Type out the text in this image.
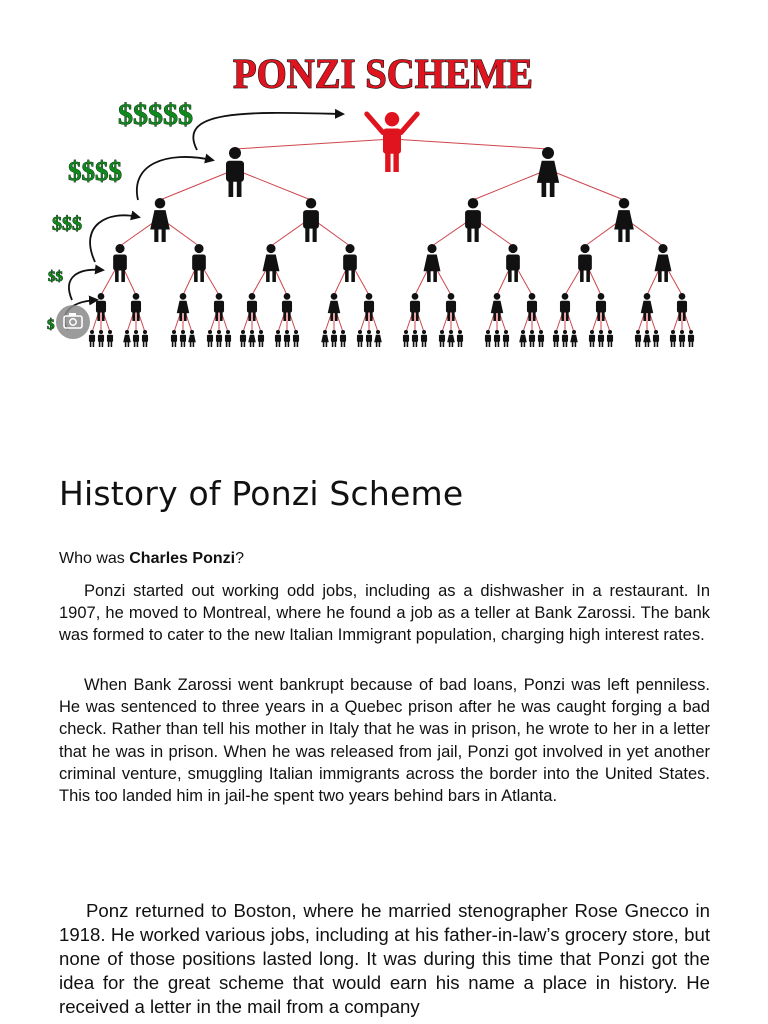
PONZI SCHEME
$$$$$
$$$$
$$$
$$
$
History of Ponzi Scheme

Who was Charles Ponzi?

Ponzi started out working odd jobs, including as a dishwasher in a restaurant. In 1907, he moved to Montreal, where he found a job as a teller at Bank Zarossi. The bank was formed to cater to the new Italian Immigrant population, charging high interest rates.

When Bank Zarossi went bankrupt because of bad loans, Ponzi was left penniless. He was sentenced to three years in a Quebec prison after he was caught forging a bad check. Rather than tell his mother in Italy that he was in prison, he wrote to her in a letter that he was in prison. When he was released from jail, Ponzi got involved in yet another criminal venture, smuggling Italian immigrants across the border into the United States. This too landed him in jail-he spent two years behind bars in Atlanta.

Ponz returned to Boston, where he married stenographer Rose Gnecco in 1918. He worked various jobs, including at his father-in-law’s grocery store, but none of those positions lasted long. It was during this time that Ponzi got the idea for the great scheme that would earn his name a place in history. He received a letter in the mail from a company
